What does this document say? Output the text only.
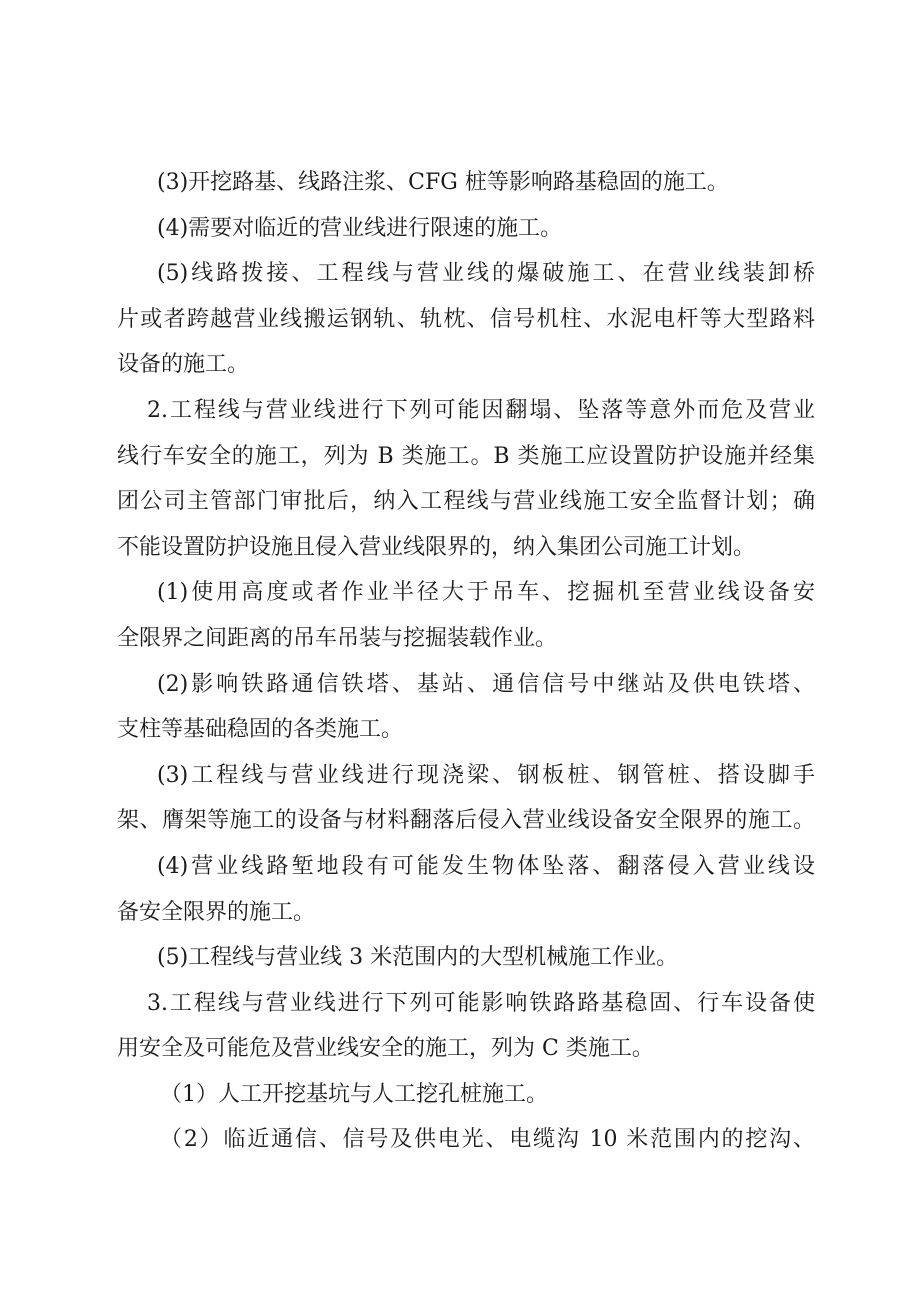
(3)开挖路基、线路注浆、CFG 桩等影响路基稳固的施工。
(4)需要对临近的营业线进行限速的施工。
(5)线路拨接、工程线与营业线的爆破施工、在营业线装卸桥
片或者跨越营业线搬运钢轨、轨枕、信号机柱、水泥电杆等大型路料
设备的施工。
2.工程线与营业线进行下列可能因翻塌、坠落等意外而危及营业
线行车安全的施工，列为 B 类施工。B 类施工应设置防护设施并经集
团公司主管部门审批后，纳入工程线与营业线施工安全监督计划；确
不能设置防护设施且侵入营业线限界的，纳入集团公司施工计划。
(1)使用高度或者作业半径大于吊车、挖掘机至营业线设备安
全限界之间距离的吊车吊装与挖掘装载作业。
(2)影响铁路通信铁塔、基站、通信信号中继站及供电铁塔、
支柱等基础稳固的各类施工。
(3)工程线与营业线进行现浇梁、钢板桩、钢管桩、搭设脚手
架、膺架等施工的设备与材料翻落后侵入营业线设备安全限界的施工。
(4)营业线路堑地段有可能发生物体坠落、翻落侵入营业线设
备安全限界的施工。
(5)工程线与营业线 3 米范围内的大型机械施工作业。
3.工程线与营业线进行下列可能影响铁路路基稳固、行车设备使
用安全及可能危及营业线安全的施工，列为 C 类施工。
（1）人工开挖基坑与人工挖孔桩施工。
（2）临近通信、信号及供电光、电缆沟 10 米范围内的挖沟、
